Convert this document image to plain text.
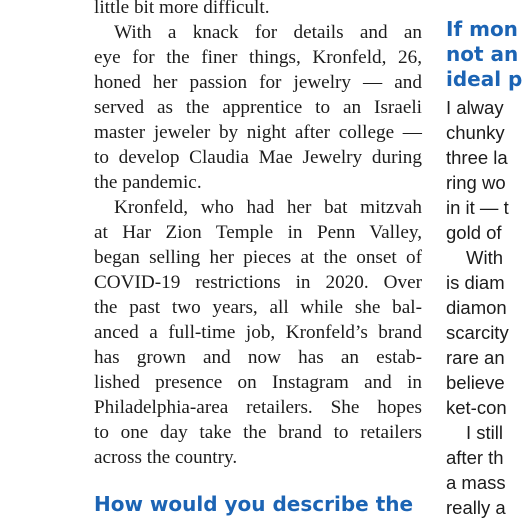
little bit more difficult.
With a knack for details and an
eye for the finer things, Kronfeld, 26,
honed her passion for jewelry — and
served as the apprentice to an Israeli
master jeweler by night after college —
to develop Claudia Mae Jewelry during
the pandemic.
Kronfeld, who had her bat mitzvah
at Har Zion Temple in Penn Valley,
began selling her pieces at the onset of
COVID-19 restrictions in 2020. Over
the past two years, all while she bal-
anced a full-time job, Kronfeld’s brand
has grown and now has an estab-
lished presence on Instagram and in
Philadelphia-area retailers. She hopes
to one day take the brand to retailers
across the country.
How would you describe the
If mon
not an
ideal p
I alway
chunky
three la
ring wo
in it — t
gold of
With
is diam
diamon
scarcity
rare an
believe
ket-con
I still
after th
a mass
really a
